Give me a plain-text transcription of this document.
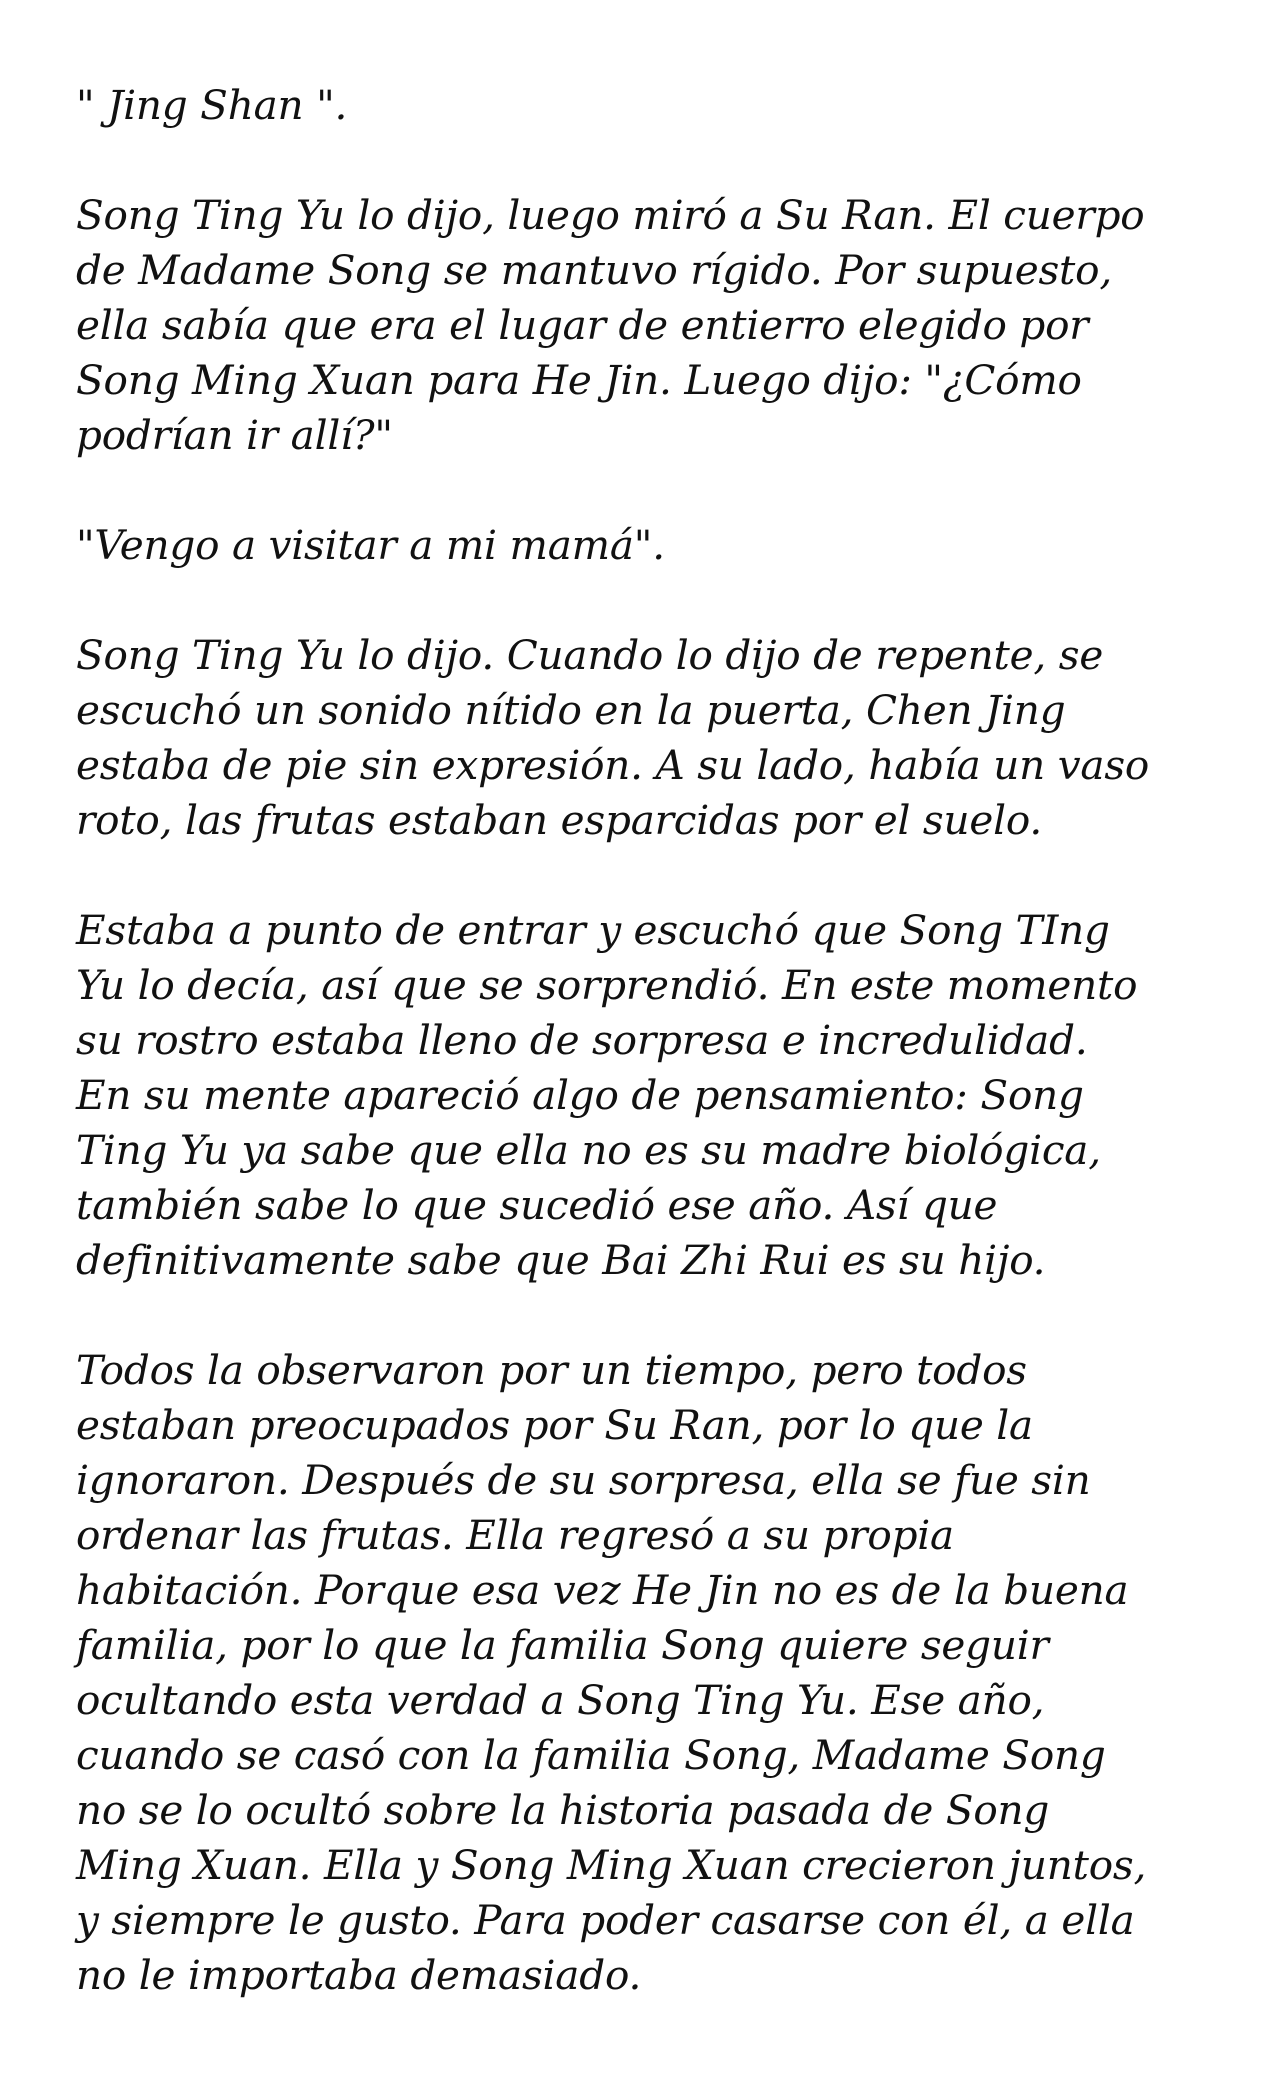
" Jing Shan ".

Song Ting Yu lo dijo, luego miró a Su Ran. El cuerpo
de Madame Song se mantuvo rígido. Por supuesto,
ella sabía que era el lugar de entierro elegido por
Song Ming Xuan para He Jin. Luego dijo: "¿Cómo
podrían ir allí?"

"Vengo a visitar a mi mamá".

Song Ting Yu lo dijo. Cuando lo dijo de repente, se
escuchó un sonido nítido en la puerta, Chen Jing
estaba de pie sin expresión. A su lado, había un vaso
roto, las frutas estaban esparcidas por el suelo.

Estaba a punto de entrar y escuchó que Song TIng
Yu lo decía, así que se sorprendió. En este momento
su rostro estaba lleno de sorpresa e incredulidad.
En su mente apareció algo de pensamiento: Song
Ting Yu ya sabe que ella no es su madre biológica,
también sabe lo que sucedió ese año. Así que
definitivamente sabe que Bai Zhi Rui es su hijo.

Todos la observaron por un tiempo, pero todos
estaban preocupados por Su Ran, por lo que la
ignoraron. Después de su sorpresa, ella se fue sin
ordenar las frutas. Ella regresó a su propia
habitación. Porque esa vez He Jin no es de la buena
familia, por lo que la familia Song quiere seguir
ocultando esta verdad a Song Ting Yu. Ese año,
cuando se casó con la familia Song, Madame Song
no se lo ocultó sobre la historia pasada de Song
Ming Xuan. Ella y Song Ming Xuan crecieron juntos,
y siempre le gusto. Para poder casarse con él, a ella
no le importaba demasiado.
